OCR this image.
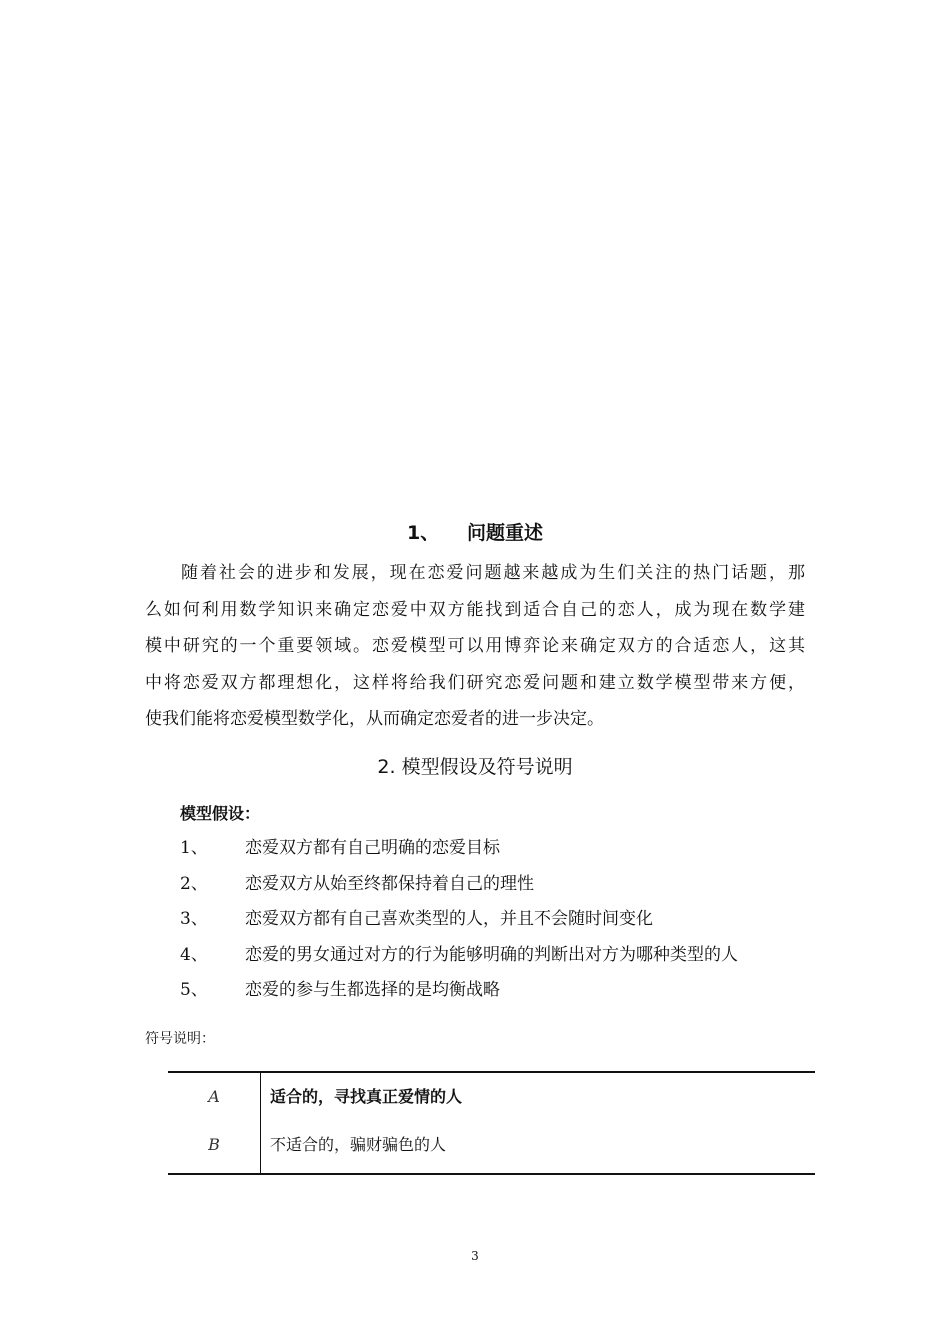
1、 问题重述
随着社会的进步和发展，现在恋爱问题越来越成为生们关注的热门话题，那
么如何利用数学知识来确定恋爱中双方能找到适合自己的恋人，成为现在数学建
模中研究的一个重要领域。恋爱模型可以用博弈论来确定双方的合适恋人，这其
中将恋爱双方都理想化，这样将给我们研究恋爱问题和建立数学模型带来方便，
使我们能将恋爱模型数学化，从而确定恋爱者的进一步决定。
2. 模型假设及符号说明
模型假设：
1、 恋爱双方都有自己明确的恋爱目标
2、 恋爱双方从始至终都保持着自己的理性
3、 恋爱双方都有自己喜欢类型的人，并且不会随时间变化
4、 恋爱的男女通过对方的行为能够明确的判断出对方为哪种类型的人
5、 恋爱的参与生都选择的是均衡战略
符号说明：
A	适合的，寻找真正爱情的人
B	不适合的，骗财骗色的人
3
